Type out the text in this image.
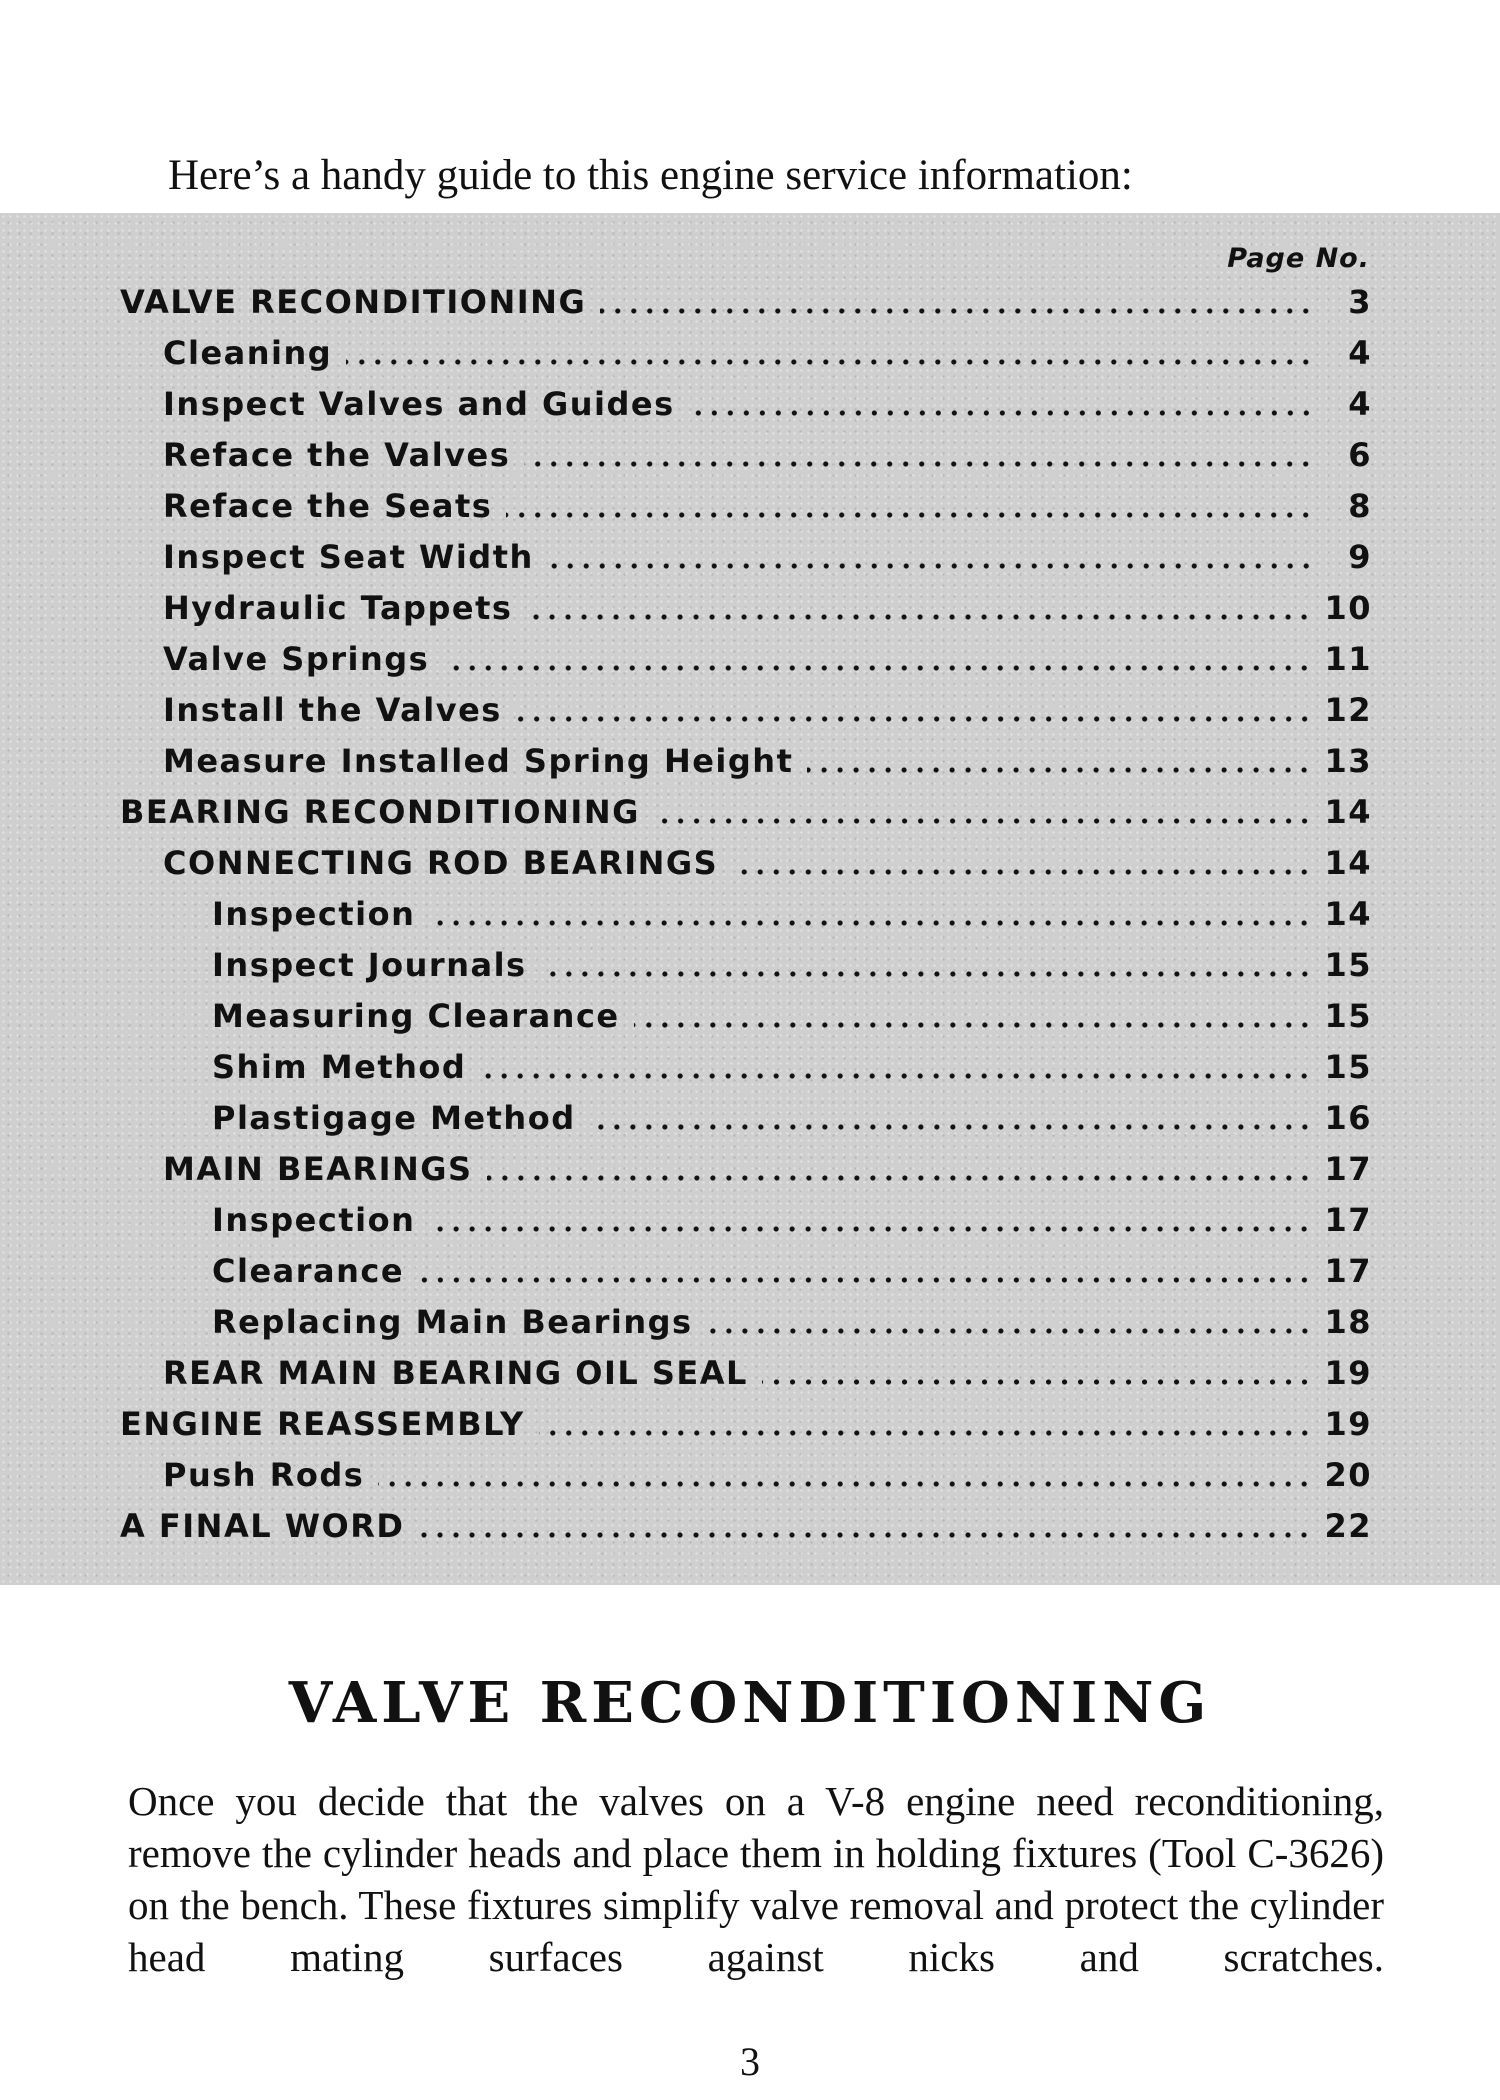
Here’s a handy guide to this engine service information:
Page No.
VALVE RECONDITIONING	3
Cleaning	4
Inspect Valves and Guides	4
Reface the Valves	6
Reface the Seats	8
Inspect Seat Width	9
Hydraulic Tappets	10
Valve Springs	11
Install the Valves	12
Measure Installed Spring Height	13
BEARING RECONDITIONING	14
CONNECTING ROD BEARINGS	14
Inspection	14
Inspect Journals	15
Measuring Clearance	15
Shim Method	15
Plastigage Method	16
MAIN BEARINGS	17
Inspection	17
Clearance	17
Replacing Main Bearings	18
REAR MAIN BEARING OIL SEAL	19
ENGINE REASSEMBLY	19
Push Rods	20
A FINAL WORD	22
VALVE RECONDITIONING
Once you decide that the valves on a V-8 engine need reconditioning, remove the cylinder heads and place them in holding fixtures (Tool C-3626) on the bench. These fixtures simplify valve removal and protect the cylinder head mating surfaces against nicks and scratches.
3
